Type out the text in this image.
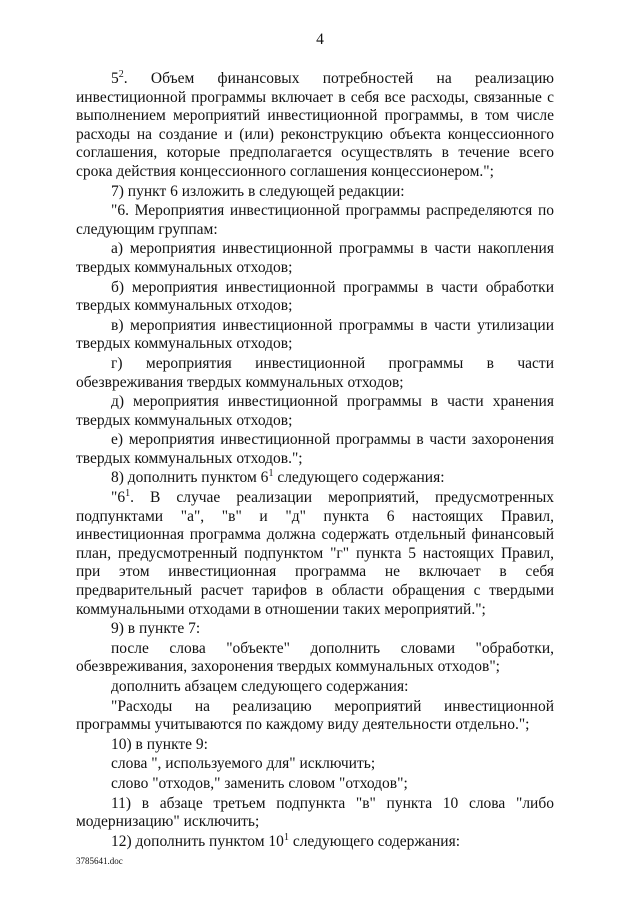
4

$5^2$. Объем финансовых потребностей на реализацию инвестиционной программы включает в себя все расходы, связанные с выполнением мероприятий инвестиционной программы, в том числе расходы на создание и (или) реконструкцию объекта концессионного соглашения, которые предполагается осуществлять в течение всего срока действия концессионного соглашения концессионером.";

7) пункт 6 изложить в следующей редакции:

"6. Мероприятия инвестиционной программы распределяются по следующим группам:

а) мероприятия инвестиционной программы в части накопления твердых коммунальных отходов;

б) мероприятия инвестиционной программы в части обработки твердых коммунальных отходов;

в) мероприятия инвестиционной программы в части утилизации твердых коммунальных отходов;

г) мероприятия инвестиционной программы в части обезвреживания твердых коммунальных отходов;

д) мероприятия инвестиционной программы в части хранения твердых коммунальных отходов;

е) мероприятия инвестиционной программы в части захоронения твердых коммунальных отходов.";

8) дополнить пунктом $6^1$ следующего содержания:

"$6^1$. В случае реализации мероприятий, предусмотренных подпунктами "а", "в" и "д" пункта 6 настоящих Правил, инвестиционная программа должна содержать отдельный финансовый план, предусмотренный подпунктом "г" пункта 5 настоящих Правил, при этом инвестиционная программа не включает в себя предварительный расчет тарифов в области обращения с твердыми коммунальными отходами в отношении таких мероприятий.";

9) в пункте 7:

после слова "объекте" дополнить словами "обработки, обезвреживания, захоронения твердых коммунальных отходов";

дополнить абзацем следующего содержания:

"Расходы на реализацию мероприятий инвестиционной программы учитываются по каждому виду деятельности отдельно.";

10) в пункте 9:

слова ", используемого для" исключить;

слово "отходов," заменить словом "отходов";

11) в абзаце третьем подпункта "в" пункта 10 слова "либо модернизацию" исключить;

12) дополнить пунктом $10^1$ следующего содержания:

3785641.doc
